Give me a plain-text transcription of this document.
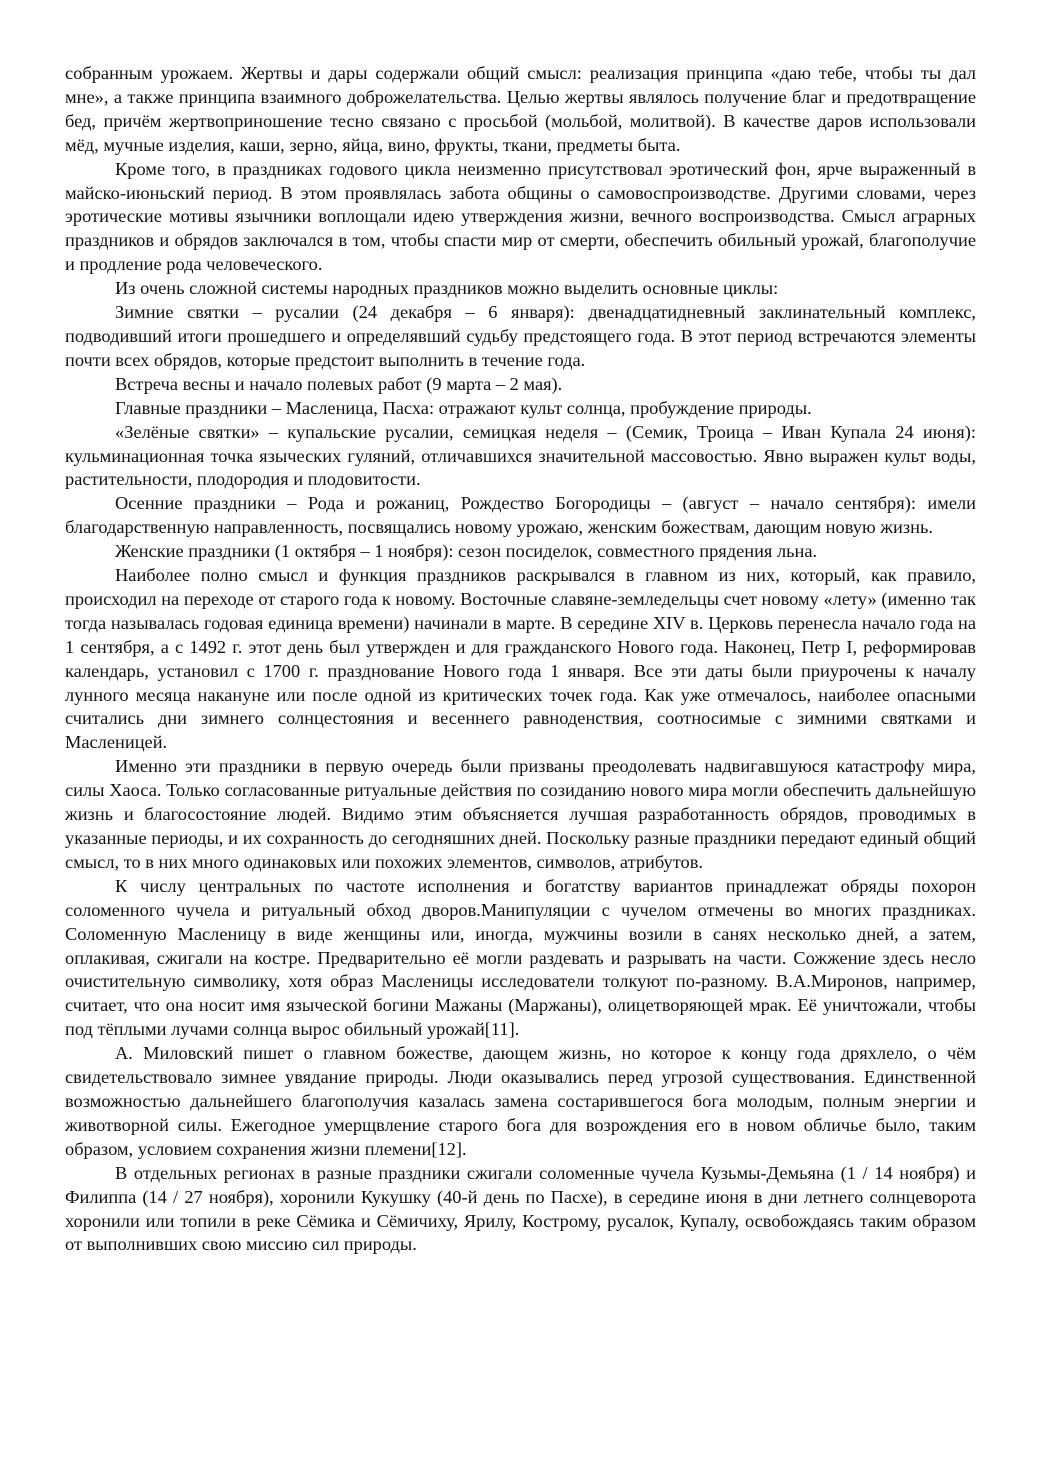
собранным урожаем. Жертвы и дары содержали общий смысл: реализация принципа «даю тебе, чтобы ты дал мне», а также принципа взаимного доброжелательства. Целью жертвы являлось получение благ и предотвращение бед, причём жертвоприношение тесно связано с просьбой (мольбой, молитвой). В качестве даров использовали мёд, мучные изделия, каши, зерно, яйца, вино, фрукты, ткани, предметы быта.

Кроме того, в праздниках годового цикла неизменно присутствовал эротический фон, ярче выраженный в майско-июньский период. В этом проявлялась забота общины о самовоспроизводстве. Другими словами, через эротические мотивы язычники воплощали идею утверждения жизни, вечного воспроизводства. Смысл аграрных праздников и обрядов заключался в том, чтобы спасти мир от смерти, обеспечить обильный урожай, благополучие и продление рода человеческого.

Из очень сложной системы народных праздников можно выделить основные циклы:

Зимние святки – русалии (24 декабря – 6 января): двенадцатидневный заклинательный комплекс, подводивший итоги прошедшего и определявший судьбу предстоящего года. В этот период встречаются элементы почти всех обрядов, которые предстоит выполнить в течение года.

Встреча весны и начало полевых работ (9 марта – 2 мая).

Главные праздники – Масленица, Пасха: отражают культ солнца, пробуждение природы.

«Зелёные святки» – купальские русалии, семицкая неделя – (Семик, Троица – Иван Купала 24 июня): кульминационная точка языческих гуляний, отличавшихся значительной массовостью. Явно выражен культ воды, растительности, плодородия и плодовитости.

Осенние праздники – Рода и рожаниц, Рождество Богородицы – (август – начало сентября): имели благодарственную направленность, посвящались новому урожаю, женским божествам, дающим новую жизнь.

Женские праздники (1 октября – 1 ноября): сезон посиделок, совместного прядения льна.

Наиболее полно смысл и функция праздников раскрывался в главном из них, который, как правило, происходил на переходе от старого года к новому. Восточные славяне-земледельцы счет новому «лету» (именно так тогда называлась годовая единица времени) начинали в марте. В середине XIV в. Церковь перенесла начало года на 1 сентября, а с 1492 г. этот день был утвержден и для гражданского Нового года. Наконец, Петр I, реформировав календарь, установил с 1700 г. празднование Нового года 1 января. Все эти даты были приурочены к началу лунного месяца накануне или после одной из критических точек года. Как уже отмечалось, наиболее опасными считались дни зимнего солнцестояния и весеннего равноденствия, соотносимые с зимними святками и Масленицей.

Именно эти праздники в первую очередь были призваны преодолевать надвигавшуюся катастрофу мира, силы Хаоса. Только согласованные ритуальные действия по созиданию нового мира могли обеспечить дальнейшую жизнь и благосостояние людей. Видимо этим объясняется лучшая разработанность обрядов, проводимых в указанные периоды, и их сохранность до сегодняшних дней. Поскольку разные праздники передают единый общий смысл, то в них много одинаковых или похожих элементов, символов, атрибутов.

К числу центральных по частоте исполнения и богатству вариантов принадлежат обряды похорон соломенного чучела и ритуальный обход дворов.Манипуляции с чучелом отмечены во многих праздниках. Соломенную Масленицу в виде женщины или, иногда, мужчины возили в санях несколько дней, а затем, оплакивая, сжигали на костре. Предварительно её могли раздевать и разрывать на части. Сожжение здесь несло очистительную символику, хотя образ Масленицы исследователи толкуют по-разному. В.А.Миронов, например, считает, что она носит имя языческой богини Мажаны (Маржаны), олицетворяющей мрак. Её уничтожали, чтобы под тёплыми лучами солнца вырос обильный урожай[11].

А. Миловский пишет о главном божестве, дающем жизнь, но которое к концу года дряхлело, о чём свидетельствовало зимнее увядание природы. Люди оказывались перед угрозой существования. Единственной возможностью дальнейшего благополучия казалась замена состарившегося бога молодым, полным энергии и животворной силы. Ежегодное умерщвление старого бога для возрождения его в новом обличье было, таким образом, условием сохранения жизни племени[12].

В отдельных регионах в разные праздники сжигали соломенные чучела Кузьмы-Демьяна (1 / 14 ноября) и Филиппа (14 / 27 ноября), хоронили Кукушку (40-й день по Пасхе), в середине июня в дни летнего солнцеворота хоронили или топили в реке Сёмика и Сёмичиху, Ярилу, Кострому, русалок, Купалу, освобождаясь таким образом от выполнивших свою миссию сил природы.
